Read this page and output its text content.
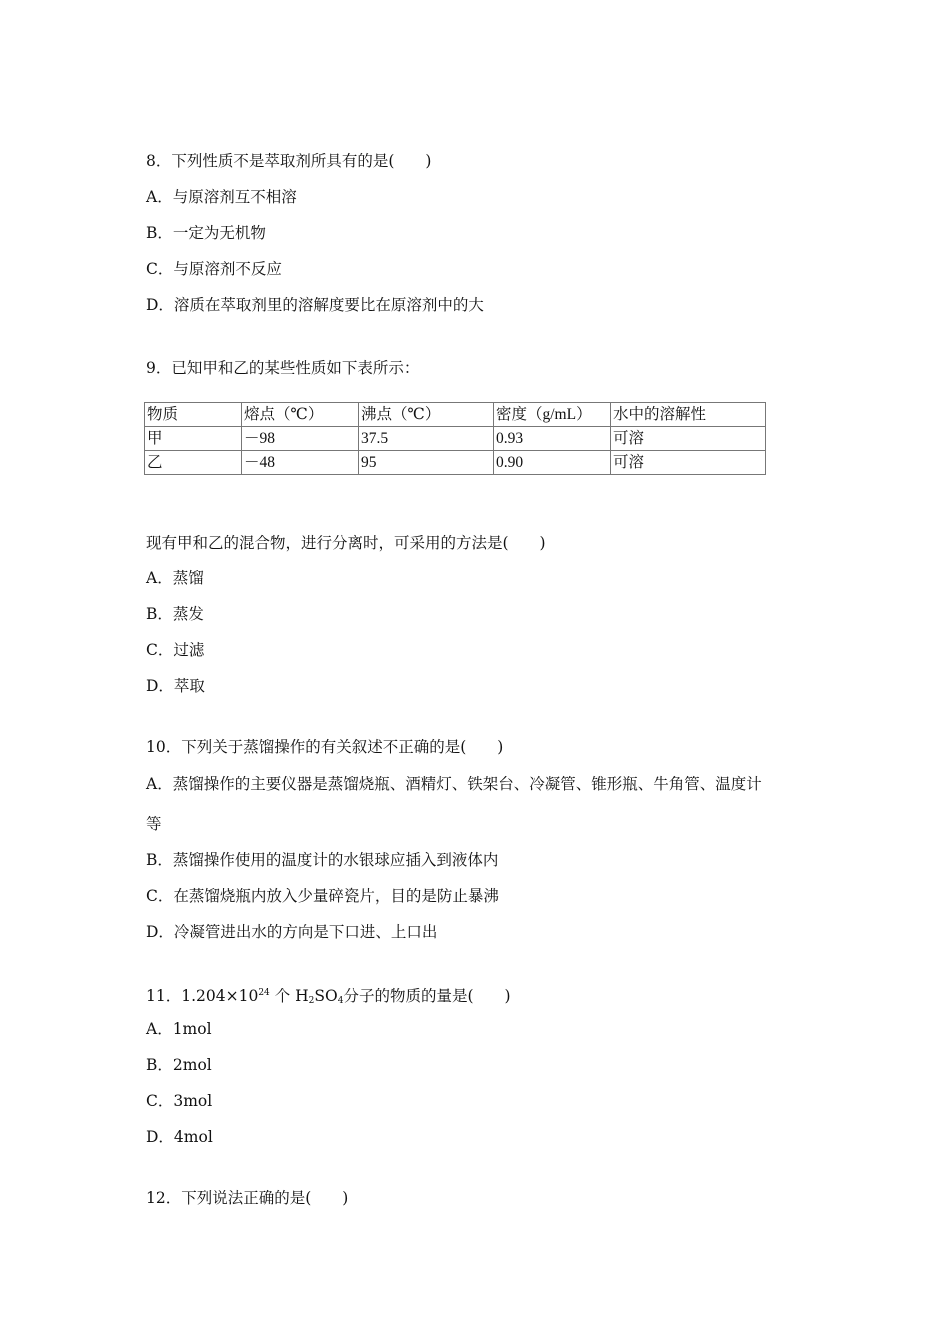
8．下列性质不是萃取剂所具有的是(　　)
A．与原溶剂互不相溶
B．一定为无机物
C．与原溶剂不反应
D．溶质在萃取剂里的溶解度要比在原溶剂中的大
9．已知甲和乙的某些性质如下表所示：
物质	熔点（℃）	沸点（℃）	密度（g/mL）	水中的溶解性
甲	－98	37.5	0.93	可溶
乙	－48	95	0.90	可溶
现有甲和乙的混合物，进行分离时，可采用的方法是(　　)
A．蒸馏
B．蒸发
C．过滤
D．萃取
10．下列关于蒸馏操作的有关叙述不正确的是(　　)
A．蒸馏操作的主要仪器是蒸馏烧瓶、酒精灯、铁架台、冷凝管、锥形瓶、牛角管、温度计
等
B．蒸馏操作使用的温度计的水银球应插入到液体内
C．在蒸馏烧瓶内放入少量碎瓷片，目的是防止暴沸
D．冷凝管进出水的方向是下口进、上口出
11．$1.204\times 10^{24}$ 个 $H_2SO_4$分子的物质的量是(　　)
A．1mol
B．2mol
C．3mol
D．4mol
12．下列说法正确的是(　　)
